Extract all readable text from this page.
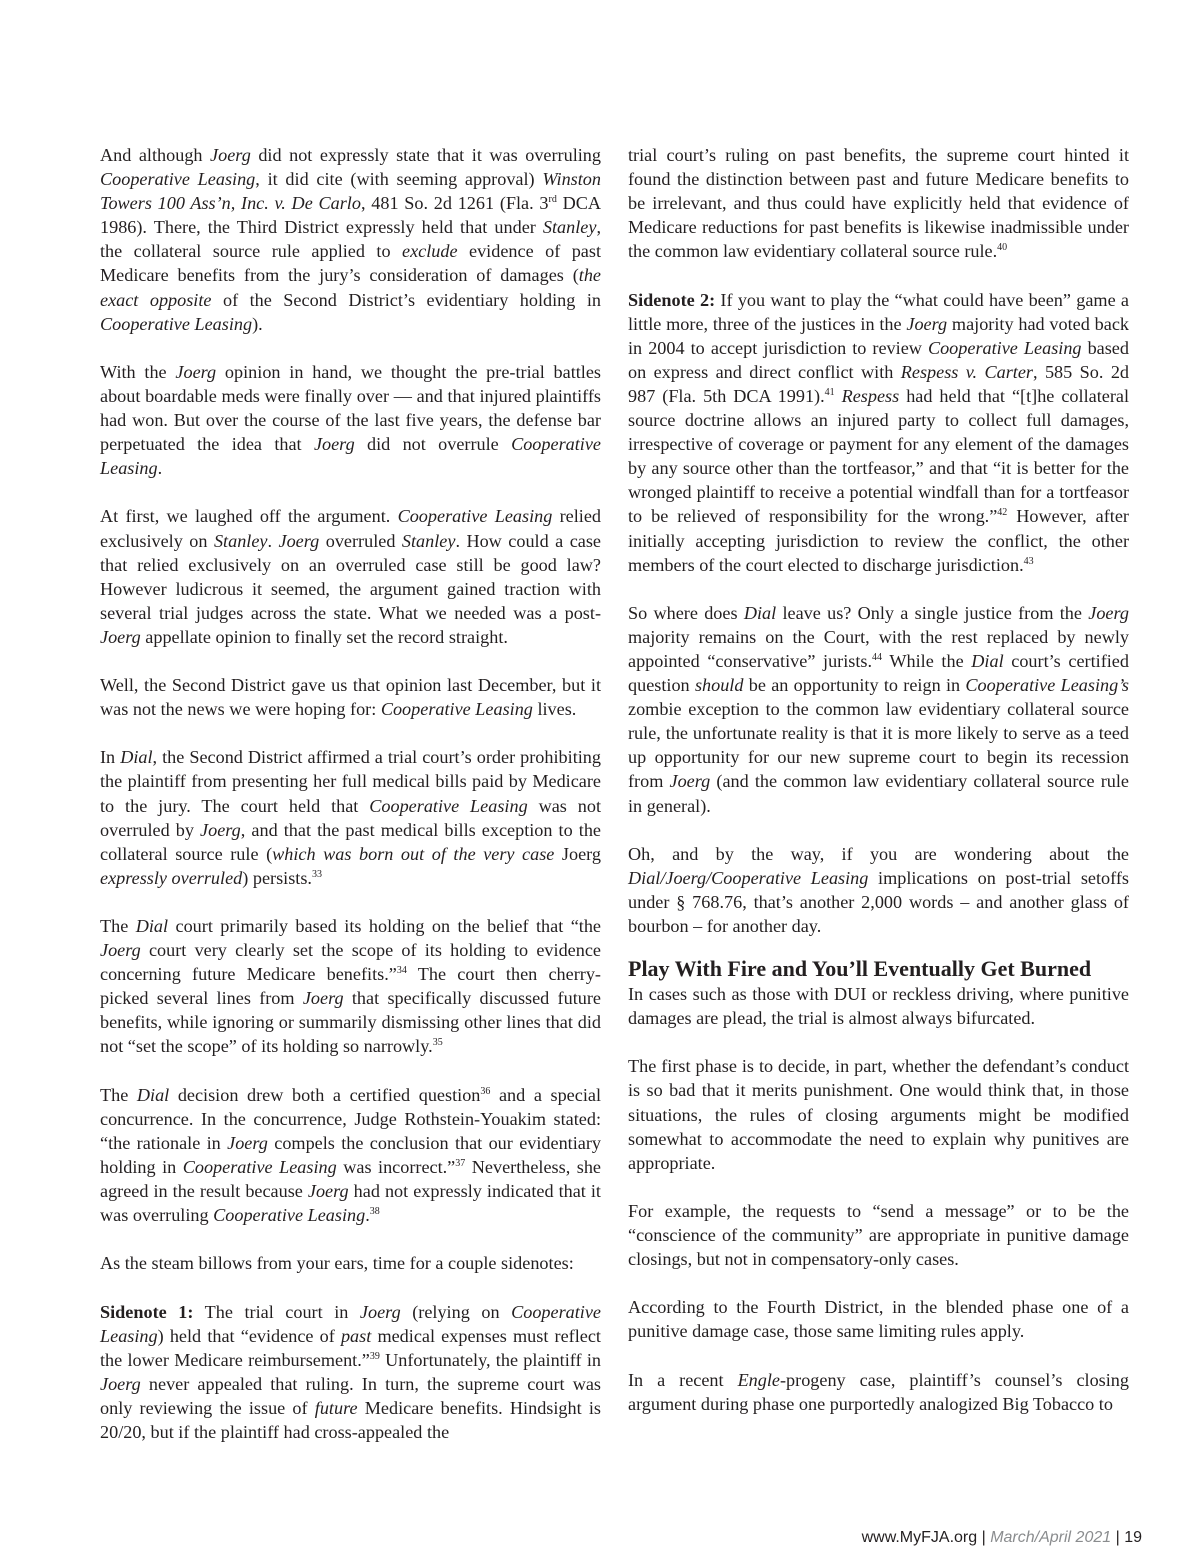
And although Joerg did not expressly state that it was overruling Cooperative Leasing, it did cite (with seeming approval) Winston Towers 100 Ass’n, Inc. v. De Carlo, 481 So. 2d 1261 (Fla. 3rd DCA 1986). There, the Third District expressly held that under Stanley, the collateral source rule applied to exclude evidence of past Medicare benefits from the jury’s consideration of damages (the exact opposite of the Second District’s evidentiary holding in Cooperative Leasing).

With the Joerg opinion in hand, we thought the pre-trial battles about boardable meds were finally over — and that injured plaintiffs had won. But over the course of the last five years, the defense bar perpetuated the idea that Joerg did not overrule Cooperative Leasing.

At first, we laughed off the argument. Cooperative Leasing relied exclusively on Stanley. Joerg overruled Stanley. How could a case that relied exclusively on an overruled case still be good law? However ludicrous it seemed, the argument gained traction with several trial judges across the state. What we needed was a post-Joerg appellate opinion to finally set the record straight.

Well, the Second District gave us that opinion last December, but it was not the news we were hoping for: Cooperative Leasing lives.

In Dial, the Second District affirmed a trial court’s order prohibiting the plaintiff from presenting her full medical bills paid by Medicare to the jury. The court held that Cooperative Leasing was not overruled by Joerg, and that the past medical bills exception to the collateral source rule (which was born out of the very case Joerg expressly overruled) persists.$^{33}$

The Dial court primarily based its holding on the belief that “the Joerg court very clearly set the scope of its holding to evidence concerning future Medicare benefits.”$^{34}$ The court then cherry-picked several lines from Joerg that specifically discussed future benefits, while ignoring or summarily dismissing other lines that did not “set the scope” of its holding so narrowly.$^{35}$

The Dial decision drew both a certified question$^{36}$ and a special concurrence. In the concurrence, Judge Rothstein-Youakim stated: “the rationale in Joerg compels the conclusion that our evidentiary holding in Cooperative Leasing was incorrect.”$^{37}$ Nevertheless, she agreed in the result because Joerg had not expressly indicated that it was overruling Cooperative Leasing.$^{38}$

As the steam billows from your ears, time for a couple sidenotes:

Sidenote 1: The trial court in Joerg (relying on Cooperative Leasing) held that “evidence of past medical expenses must reflect the lower Medicare reimbursement.”$^{39}$ Unfortunately, the plaintiff in Joerg never appealed that ruling. In turn, the supreme court was only reviewing the issue of future Medicare benefits. Hindsight is 20/20, but if the plaintiff had cross-appealed the

trial court’s ruling on past benefits, the supreme court hinted it found the distinction between past and future Medicare benefits to be irrelevant, and thus could have explicitly held that evidence of Medicare reductions for past benefits is likewise inadmissible under the common law evidentiary collateral source rule.$^{40}$

Sidenote 2: If you want to play the “what could have been” game a little more, three of the justices in the Joerg majority had voted back in 2004 to accept jurisdiction to review Cooperative Leasing based on express and direct conflict with Respess v. Carter, 585 So. 2d 987 (Fla. 5th DCA 1991).$^{41}$ Respess had held that “[t]he collateral source doctrine allows an injured party to collect full damages, irrespective of coverage or payment for any element of the damages by any source other than the tortfeasor,” and that “it is better for the wronged plaintiff to receive a potential windfall than for a tortfeasor to be relieved of responsibility for the wrong.”$^{42}$ However, after initially accepting jurisdiction to review the conflict, the other members of the court elected to discharge jurisdiction.$^{43}$

So where does Dial leave us? Only a single justice from the Joerg majority remains on the Court, with the rest replaced by newly appointed “conservative” jurists.$^{44}$ While the Dial court’s certified question should be an opportunity to reign in Cooperative Leasing’s zombie exception to the common law evidentiary collateral source rule, the unfortunate reality is that it is more likely to serve as a teed up opportunity for our new supreme court to begin its recession from Joerg (and the common law evidentiary collateral source rule in general).

Oh, and by the way, if you are wondering about the Dial/Joerg/Cooperative Leasing implications on post-trial setoffs under § 768.76, that’s another 2,000 words – and another glass of bourbon – for another day.

Play With Fire and You’ll Eventually Get Burned

In cases such as those with DUI or reckless driving, where punitive damages are plead, the trial is almost always bifurcated.

The first phase is to decide, in part, whether the defendant’s conduct is so bad that it merits punishment. One would think that, in those situations, the rules of closing arguments might be modified somewhat to accommodate the need to explain why punitives are appropriate.

For example, the requests to “send a message” or to be the “conscience of the community” are appropriate in punitive damage closings, but not in compensatory-only cases.

According to the Fourth District, in the blended phase one of a punitive damage case, those same limiting rules apply.

In a recent Engle-progeny case, plaintiff’s counsel’s closing argument during phase one purportedly analogized Big Tobacco to

www.MyFJA.org | March/April 2021 | 19
